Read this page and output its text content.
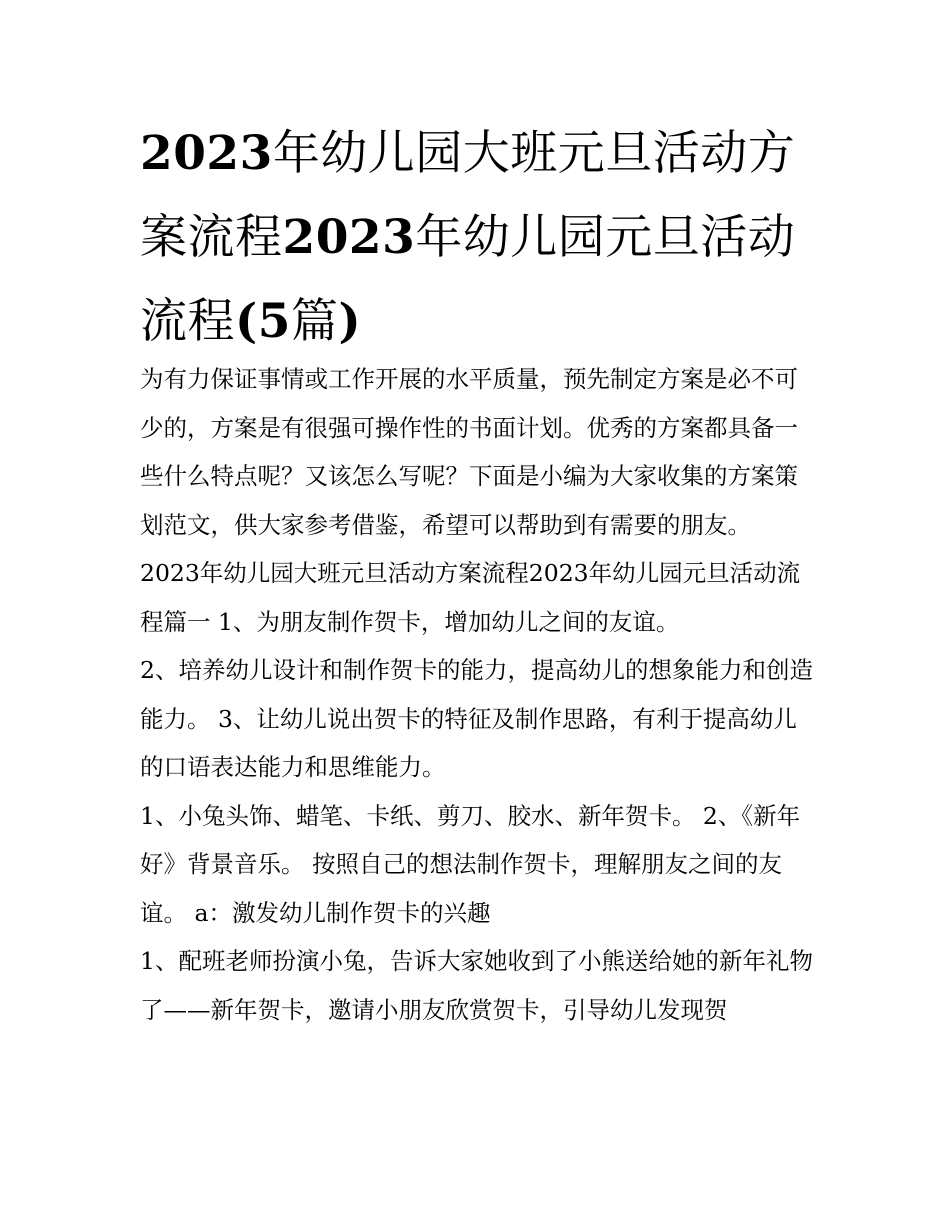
2023年幼儿园大班元旦活动方案流程2023年幼儿园元旦活动流程(5篇)

为有力保证事情或工作开展的水平质量，预先制定方案是必不可少的，方案是有很强可操作性的书面计划。优秀的方案都具备一些什么特点呢？又该怎么写呢？下面是小编为大家收集的方案策划范文，供大家参考借鉴，希望可以帮助到有需要的朋友。

2023年幼儿园大班元旦活动方案流程2023年幼儿园元旦活动流程篇一 1、为朋友制作贺卡，增加幼儿之间的友谊。

2、培养幼儿设计和制作贺卡的能力，提高幼儿的想象能力和创造能力。 3、让幼儿说出贺卡的特征及制作思路，有利于提高幼儿的口语表达能力和思维能力。

1、小兔头饰、蜡笔、卡纸、剪刀、胶水、新年贺卡。 2、《新年好》背景音乐。 按照自己的想法制作贺卡，理解朋友之间的友谊。 a：激发幼儿制作贺卡的兴趣

1、配班老师扮演小兔，告诉大家她收到了小熊送给她的新年礼物了——新年贺卡，邀请小朋友欣赏贺卡，引导幼儿发现贺
